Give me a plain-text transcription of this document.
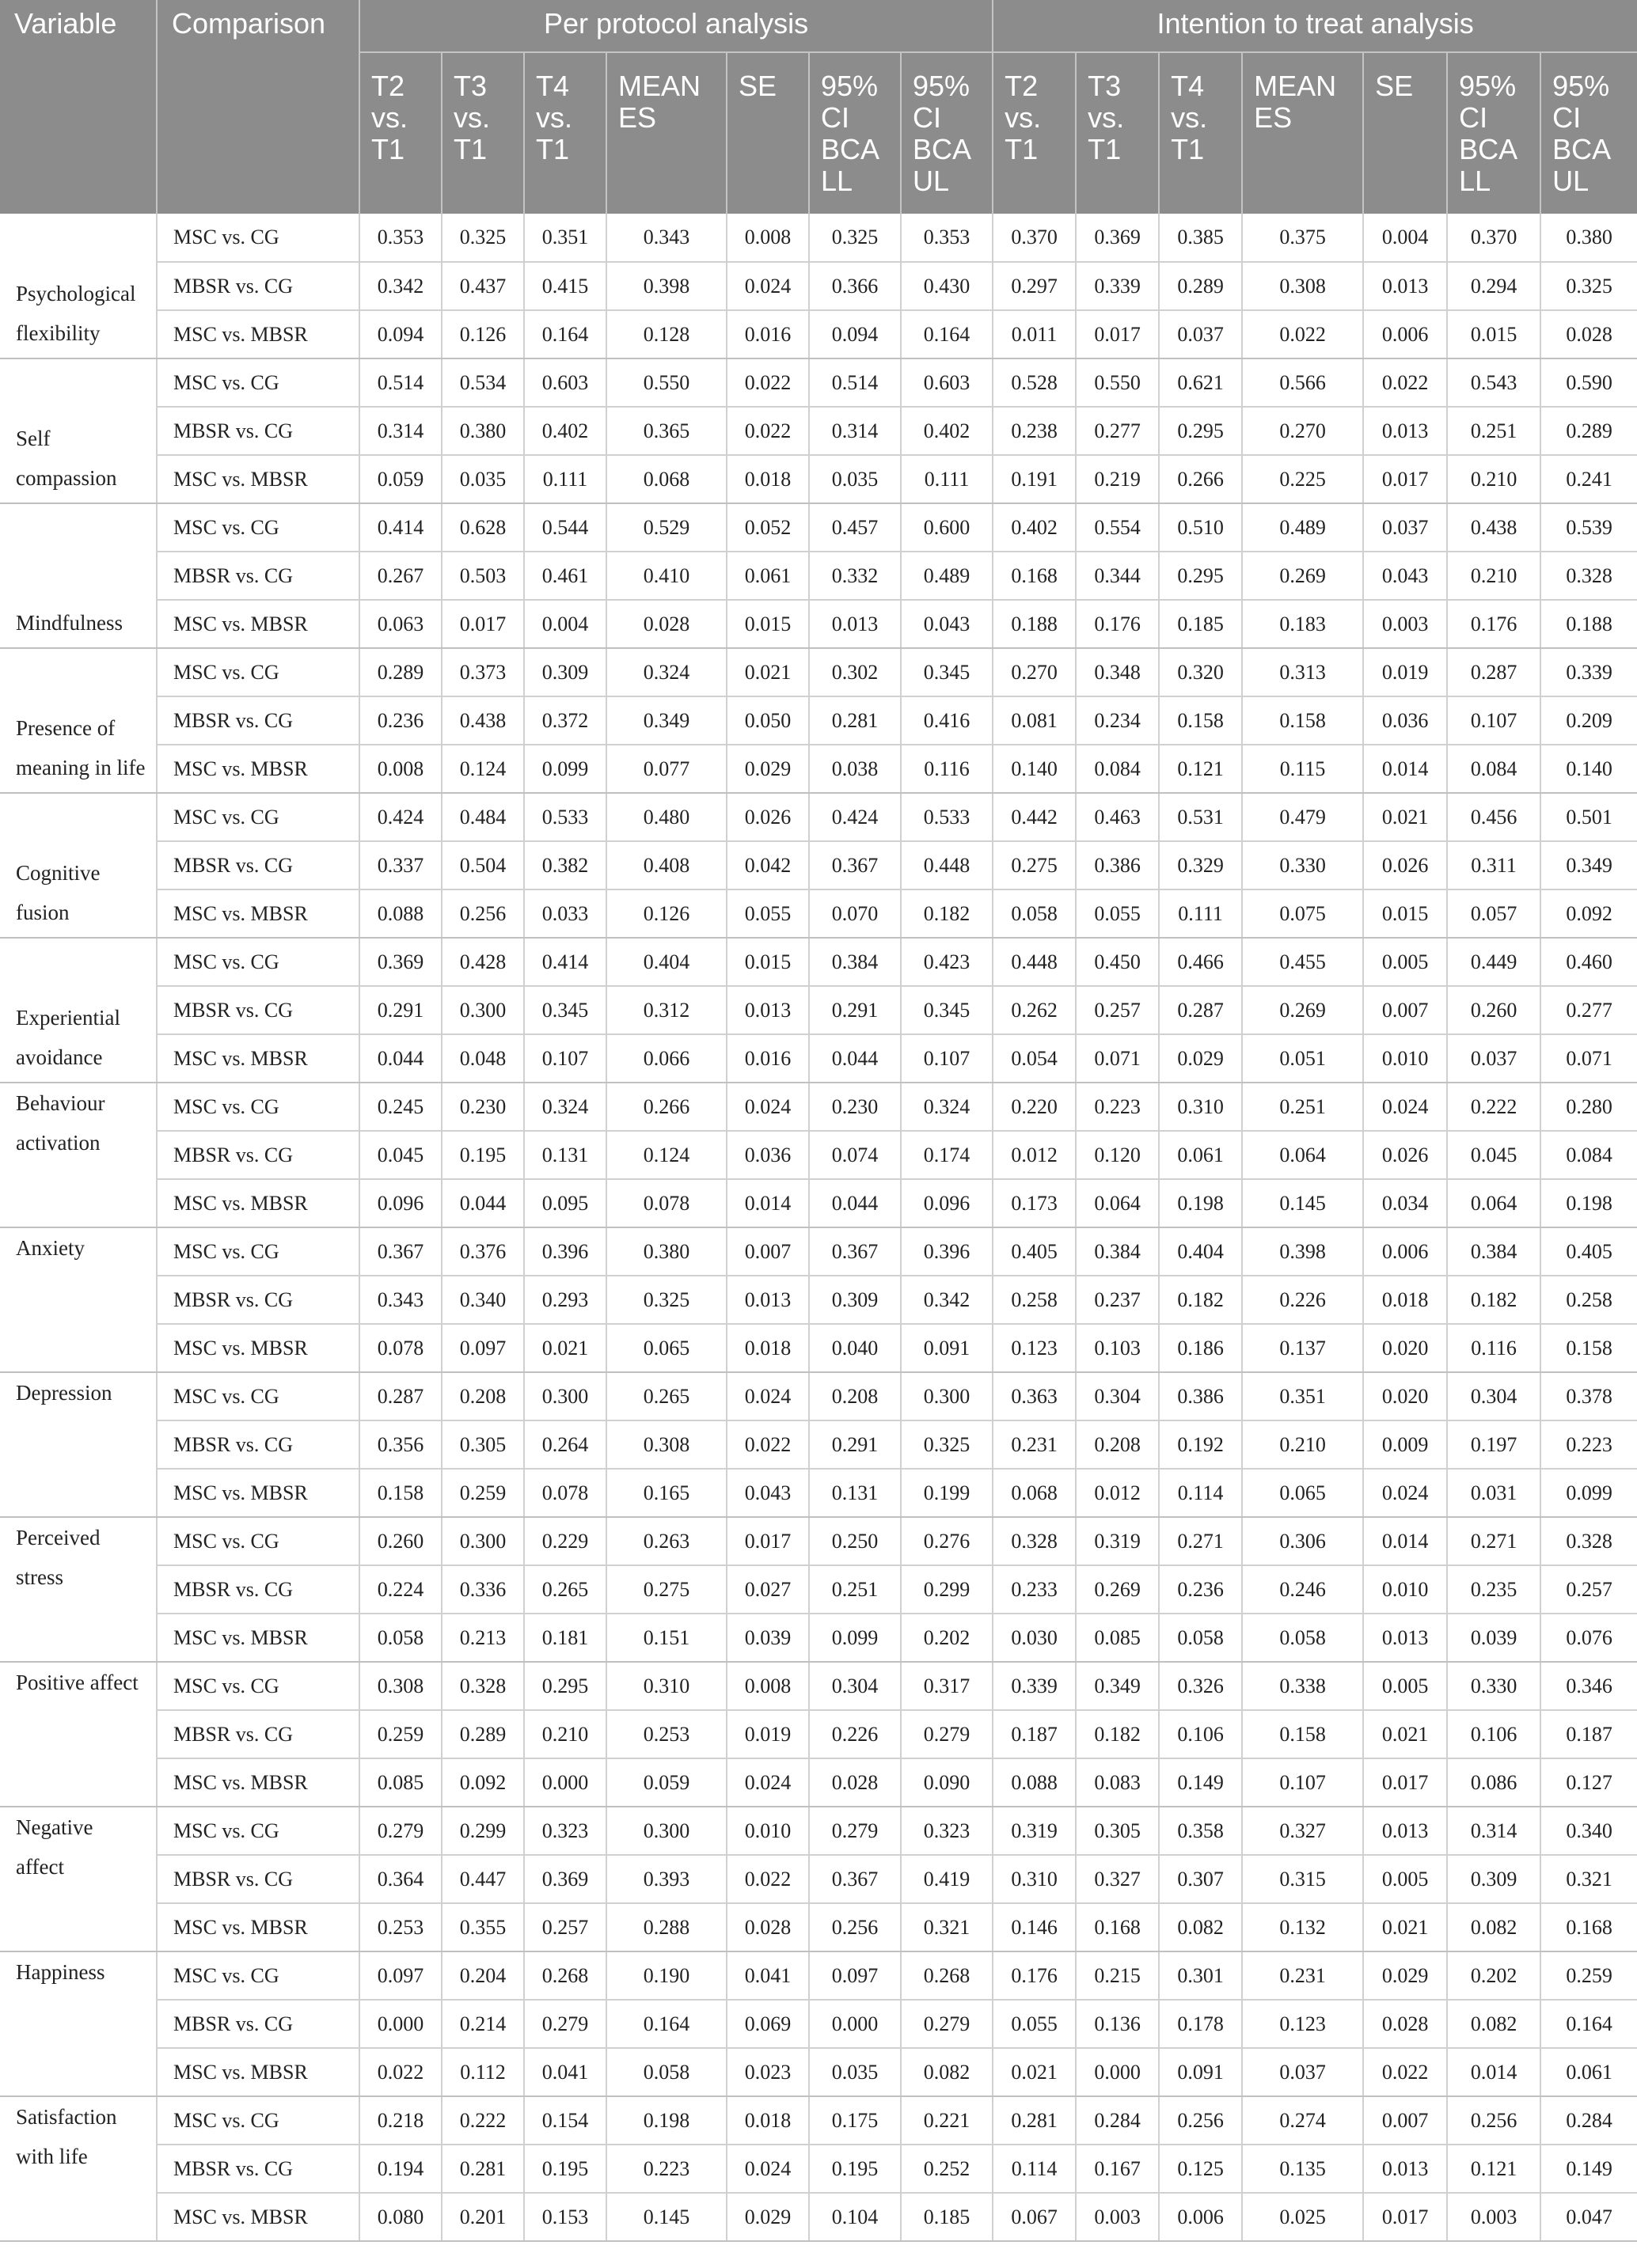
Variable	Comparison	Per protocol analysis							Intention to treat analysis						
		T2 vs. T1	T3 vs. T1	T4 vs. T1	MEAN ES	SE	95% CI BCA LL	95% CI BCA UL	T2 vs. T1	T3 vs. T1	T4 vs. T1	MEAN ES	SE	95% CI BCA LL	95% CI BCA UL
Psychological flexibility	MSC vs. CG	0.353	0.325	0.351	0.343	0.008	0.325	0.353	0.370	0.369	0.385	0.375	0.004	0.370	0.380
	MBSR vs. CG	0.342	0.437	0.415	0.398	0.024	0.366	0.430	0.297	0.339	0.289	0.308	0.013	0.294	0.325
	MSC vs. MBSR	0.094	0.126	0.164	0.128	0.016	0.094	0.164	0.011	0.017	0.037	0.022	0.006	0.015	0.028
Self compassion	MSC vs. CG	0.514	0.534	0.603	0.550	0.022	0.514	0.603	0.528	0.550	0.621	0.566	0.022	0.543	0.590
	MBSR vs. CG	0.314	0.380	0.402	0.365	0.022	0.314	0.402	0.238	0.277	0.295	0.270	0.013	0.251	0.289
	MSC vs. MBSR	0.059	0.035	0.111	0.068	0.018	0.035	0.111	0.191	0.219	0.266	0.225	0.017	0.210	0.241
Mindfulness	MSC vs. CG	0.414	0.628	0.544	0.529	0.052	0.457	0.600	0.402	0.554	0.510	0.489	0.037	0.438	0.539
	MBSR vs. CG	0.267	0.503	0.461	0.410	0.061	0.332	0.489	0.168	0.344	0.295	0.269	0.043	0.210	0.328
	MSC vs. MBSR	0.063	0.017	0.004	0.028	0.015	0.013	0.043	0.188	0.176	0.185	0.183	0.003	0.176	0.188
Presence of meaning in life	MSC vs. CG	0.289	0.373	0.309	0.324	0.021	0.302	0.345	0.270	0.348	0.320	0.313	0.019	0.287	0.339
	MBSR vs. CG	0.236	0.438	0.372	0.349	0.050	0.281	0.416	0.081	0.234	0.158	0.158	0.036	0.107	0.209
	MSC vs. MBSR	0.008	0.124	0.099	0.077	0.029	0.038	0.116	0.140	0.084	0.121	0.115	0.014	0.084	0.140
Cognitive fusion	MSC vs. CG	0.424	0.484	0.533	0.480	0.026	0.424	0.533	0.442	0.463	0.531	0.479	0.021	0.456	0.501
	MBSR vs. CG	0.337	0.504	0.382	0.408	0.042	0.367	0.448	0.275	0.386	0.329	0.330	0.026	0.311	0.349
	MSC vs. MBSR	0.088	0.256	0.033	0.126	0.055	0.070	0.182	0.058	0.055	0.111	0.075	0.015	0.057	0.092
Experiential avoidance	MSC vs. CG	0.369	0.428	0.414	0.404	0.015	0.384	0.423	0.448	0.450	0.466	0.455	0.005	0.449	0.460
	MBSR vs. CG	0.291	0.300	0.345	0.312	0.013	0.291	0.345	0.262	0.257	0.287	0.269	0.007	0.260	0.277
	MSC vs. MBSR	0.044	0.048	0.107	0.066	0.016	0.044	0.107	0.054	0.071	0.029	0.051	0.010	0.037	0.071
Behaviour activation	MSC vs. CG	0.245	0.230	0.324	0.266	0.024	0.230	0.324	0.220	0.223	0.310	0.251	0.024	0.222	0.280
	MBSR vs. CG	0.045	0.195	0.131	0.124	0.036	0.074	0.174	0.012	0.120	0.061	0.064	0.026	0.045	0.084
	MSC vs. MBSR	0.096	0.044	0.095	0.078	0.014	0.044	0.096	0.173	0.064	0.198	0.145	0.034	0.064	0.198
Anxiety	MSC vs. CG	0.367	0.376	0.396	0.380	0.007	0.367	0.396	0.405	0.384	0.404	0.398	0.006	0.384	0.405
	MBSR vs. CG	0.343	0.340	0.293	0.325	0.013	0.309	0.342	0.258	0.237	0.182	0.226	0.018	0.182	0.258
	MSC vs. MBSR	0.078	0.097	0.021	0.065	0.018	0.040	0.091	0.123	0.103	0.186	0.137	0.020	0.116	0.158
Depression	MSC vs. CG	0.287	0.208	0.300	0.265	0.024	0.208	0.300	0.363	0.304	0.386	0.351	0.020	0.304	0.378
	MBSR vs. CG	0.356	0.305	0.264	0.308	0.022	0.291	0.325	0.231	0.208	0.192	0.210	0.009	0.197	0.223
	MSC vs. MBSR	0.158	0.259	0.078	0.165	0.043	0.131	0.199	0.068	0.012	0.114	0.065	0.024	0.031	0.099
Perceived stress	MSC vs. CG	0.260	0.300	0.229	0.263	0.017	0.250	0.276	0.328	0.319	0.271	0.306	0.014	0.271	0.328
	MBSR vs. CG	0.224	0.336	0.265	0.275	0.027	0.251	0.299	0.233	0.269	0.236	0.246	0.010	0.235	0.257
	MSC vs. MBSR	0.058	0.213	0.181	0.151	0.039	0.099	0.202	0.030	0.085	0.058	0.058	0.013	0.039	0.076
Positive affect	MSC vs. CG	0.308	0.328	0.295	0.310	0.008	0.304	0.317	0.339	0.349	0.326	0.338	0.005	0.330	0.346
	MBSR vs. CG	0.259	0.289	0.210	0.253	0.019	0.226	0.279	0.187	0.182	0.106	0.158	0.021	0.106	0.187
	MSC vs. MBSR	0.085	0.092	0.000	0.059	0.024	0.028	0.090	0.088	0.083	0.149	0.107	0.017	0.086	0.127
Negative affect	MSC vs. CG	0.279	0.299	0.323	0.300	0.010	0.279	0.323	0.319	0.305	0.358	0.327	0.013	0.314	0.340
	MBSR vs. CG	0.364	0.447	0.369	0.393	0.022	0.367	0.419	0.310	0.327	0.307	0.315	0.005	0.309	0.321
	MSC vs. MBSR	0.253	0.355	0.257	0.288	0.028	0.256	0.321	0.146	0.168	0.082	0.132	0.021	0.082	0.168
Happiness	MSC vs. CG	0.097	0.204	0.268	0.190	0.041	0.097	0.268	0.176	0.215	0.301	0.231	0.029	0.202	0.259
	MBSR vs. CG	0.000	0.214	0.279	0.164	0.069	0.000	0.279	0.055	0.136	0.178	0.123	0.028	0.082	0.164
	MSC vs. MBSR	0.022	0.112	0.041	0.058	0.023	0.035	0.082	0.021	0.000	0.091	0.037	0.022	0.014	0.061
Satisfaction with life	MSC vs. CG	0.218	0.222	0.154	0.198	0.018	0.175	0.221	0.281	0.284	0.256	0.274	0.007	0.256	0.284
	MBSR vs. CG	0.194	0.281	0.195	0.223	0.024	0.195	0.252	0.114	0.167	0.125	0.135	0.013	0.121	0.149
	MSC vs. MBSR	0.080	0.201	0.153	0.145	0.029	0.104	0.185	0.067	0.003	0.006	0.025	0.017	0.003	0.047
